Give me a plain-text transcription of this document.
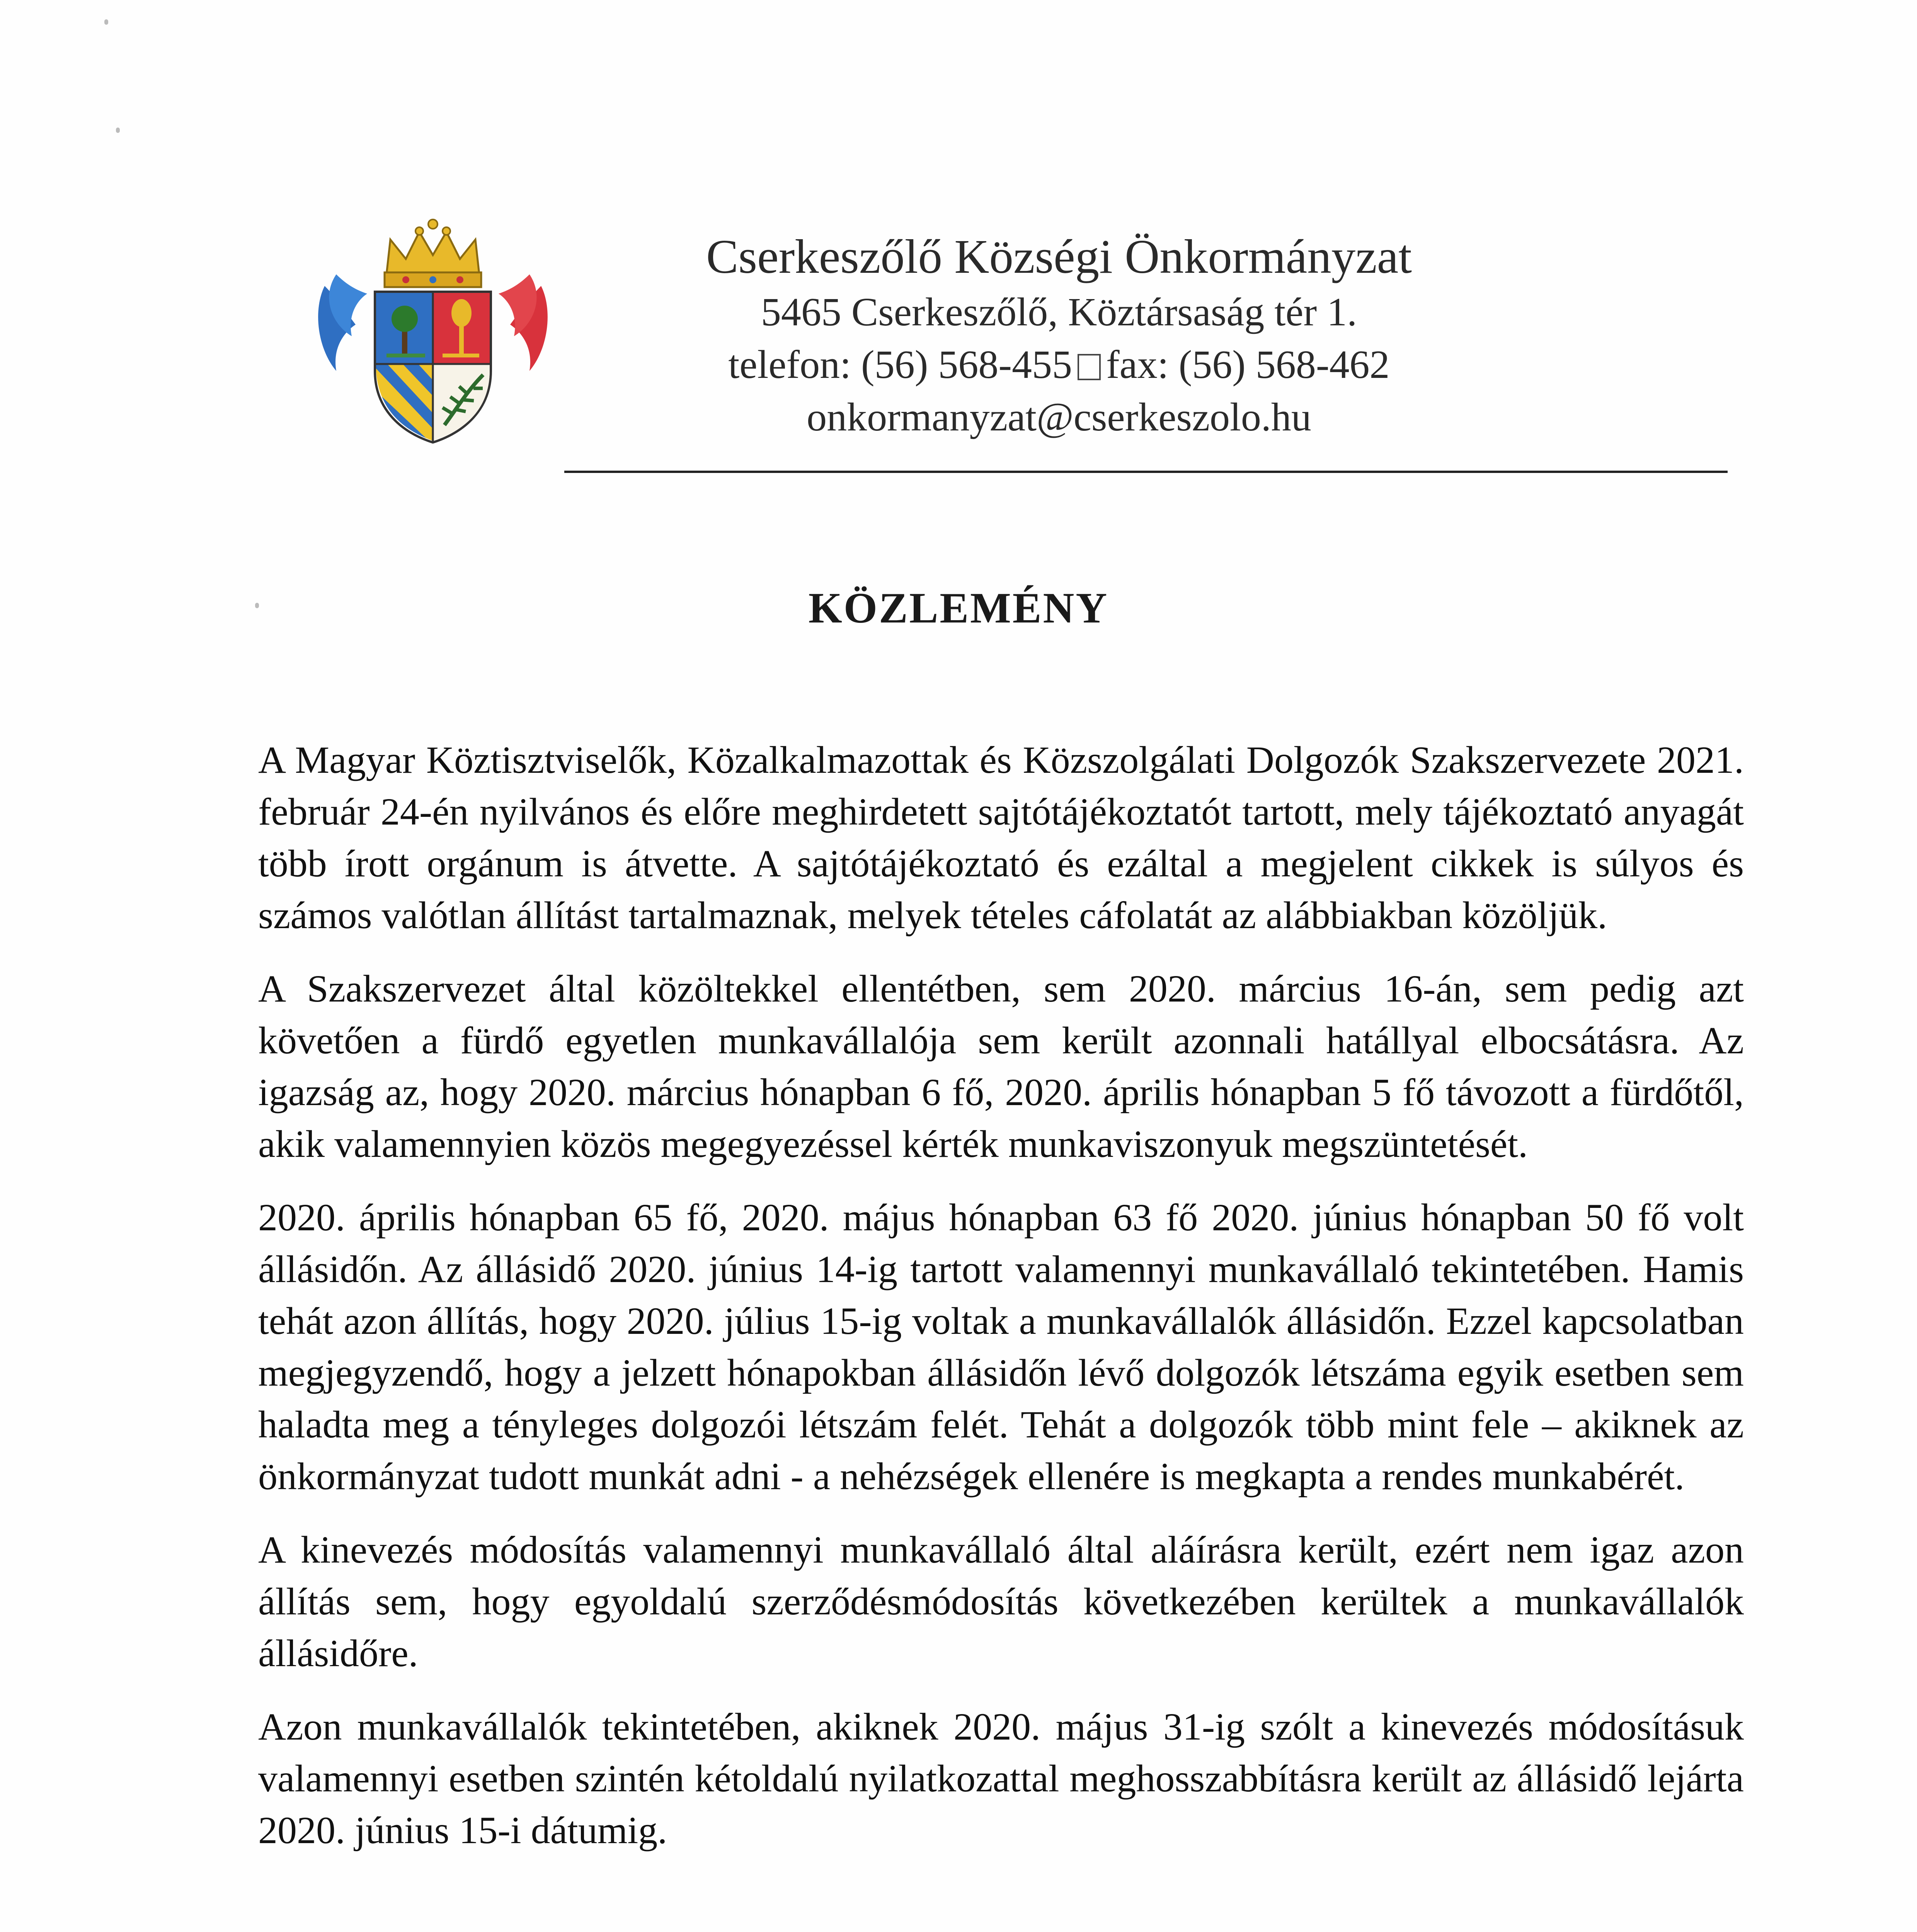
Cserkeszőlő Községi Önkormányzat
5465 Cserkeszőlő, Köztársaság tér 1.
telefon: (56) 568-455 fax: (56) 568-462
onkormanyzat@cserkeszolo.hu
KÖZLEMÉNY

A Magyar Köztisztviselők, Közalkalmazottak és Közszolgálati Dolgozók Szakszervezete 2021. február 24-én nyilvános és előre meghirdetett sajtótájékoztatót tartott, mely tájékoztató anyagát több írott orgánum is átvette. A sajtótájékoztató és ezáltal a megjelent cikkek is súlyos és számos valótlan állítást tartalmaznak, melyek tételes cáfolatát az alábbiakban közöljük.

A Szakszervezet által közöltekkel ellentétben, sem 2020. március 16-án, sem pedig azt követően a fürdő egyetlen munkavállalója sem került azonnali hatállyal elbocsátásra. Az igazság az, hogy 2020. március hónapban 6 fő, 2020. április hónapban 5 fő távozott a fürdőtől, akik valamennyien közös megegyezéssel kérték munkaviszonyuk megszüntetését.

2020. április hónapban 65 fő, 2020. május hónapban 63 fő 2020. június hónapban 50 fő volt állásidőn. Az állásidő 2020. június 14-ig tartott valamennyi munkavállaló tekintetében. Hamis tehát azon állítás, hogy 2020. július 15-ig voltak a munkavállalók állásidőn. Ezzel kapcsolatban megjegyzendő, hogy a jelzett hónapokban állásidőn lévő dolgozók létszáma egyik esetben sem haladta meg a tényleges dolgozói létszám felét. Tehát a dolgozók több mint fele – akiknek az önkormányzat tudott munkát adni - a nehézségek ellenére is megkapta a rendes munkabérét.

A kinevezés módosítás valamennyi munkavállaló által aláírásra került, ezért nem igaz azon állítás sem, hogy egyoldalú szerződésmódosítás következében kerültek a munkavállalók állásidőre.

Azon munkavállalók tekintetében, akiknek 2020. május 31-ig szólt a kinevezés módosításuk valamennyi esetben szintén kétoldalú nyilatkozattal meghosszabbításra került az állásidő lejárta 2020. június 15-i dátumig.
